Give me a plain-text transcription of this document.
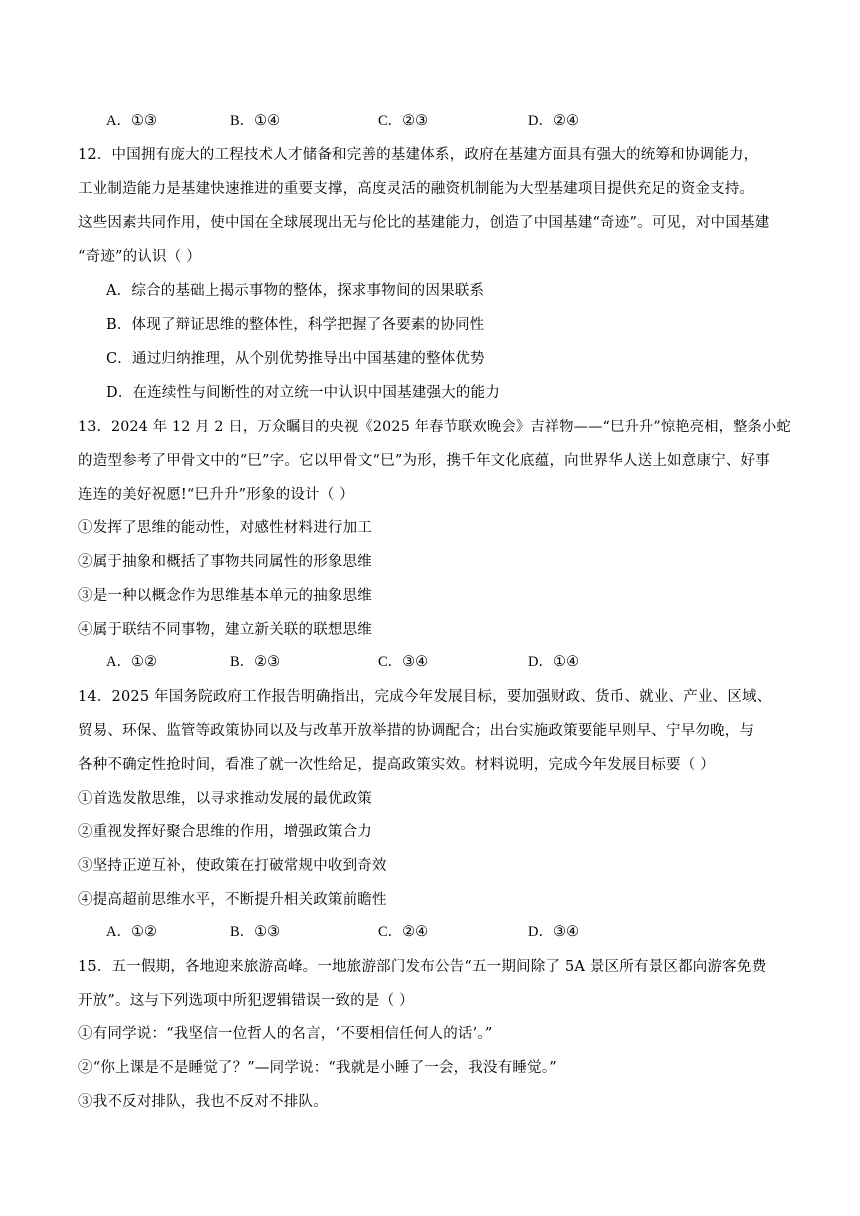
A．①③	B．①④	C．②③	D．②④
12．中国拥有庞大的工程技术人才储备和完善的基建体系，政府在基建方面具有强大的统筹和协调能力，
工业制造能力是基建快速推进的重要支撑，高度灵活的融资机制能为大型基建项目提供充足的资金支持。
这些因素共同作用，使中国在全球展现出无与伦比的基建能力，创造了中国基建“奇迹”。可见，对中国基建
“奇迹”的认识（ ）
A．综合的基础上揭示事物的整体，探求事物间的因果联系
B．体现了辩证思维的整体性，科学把握了各要素的协同性
C．通过归纳推理，从个别优势推导出中国基建的整体优势
D．在连续性与间断性的对立统一中认识中国基建强大的能力
13．2024 年 12 月 2 日，万众瞩目的央视《2025 年春节联欢晚会》吉祥物——“巳升升”惊艳亮相，整条小蛇
的造型参考了甲骨文中的“巳”字。它以甲骨文“巳”为形，携千年文化底蕴，向世界华人送上如意康宁、好事
连连的美好祝愿!“巳升升”形象的设计（ ）
①发挥了思维的能动性，对感性材料进行加工
②属于抽象和概括了事物共同属性的形象思维
③是一种以概念作为思维基本单元的抽象思维
④属于联结不同事物，建立新关联的联想思维
A．①②	B．②③	C．③④	D．①④
14．2025 年国务院政府工作报告明确指出，完成今年发展目标，要加强财政、货币、就业、产业、区域、
贸易、环保、监管等政策协同以及与改革开放举措的协调配合；出台实施政策要能早则早、宁早勿晚，与
各种不确定性抢时间，看准了就一次性给足，提高政策实效。材料说明，完成今年发展目标要（ ）
①首选发散思维，以寻求推动发展的最优政策
②重视发挥好聚合思维的作用，增强政策合力
③坚持正逆互补，使政策在打破常规中收到奇效
④提高超前思维水平，不断提升相关政策前瞻性
A．①②	B．①③	C．②④	D．③④
15．五一假期，各地迎来旅游高峰。一地旅游部门发布公告“五一期间除了 5A 景区所有景区都向游客免费
开放”。这与下列选项中所犯逻辑错误一致的是（ ）
①有同学说：“我坚信一位哲人的名言，‘不要相信任何人的话’。”
②“你上课是不是睡觉了？”—同学说：“我就是小睡了一会，我没有睡觉。”
③我不反对排队，我也不反对不排队。
